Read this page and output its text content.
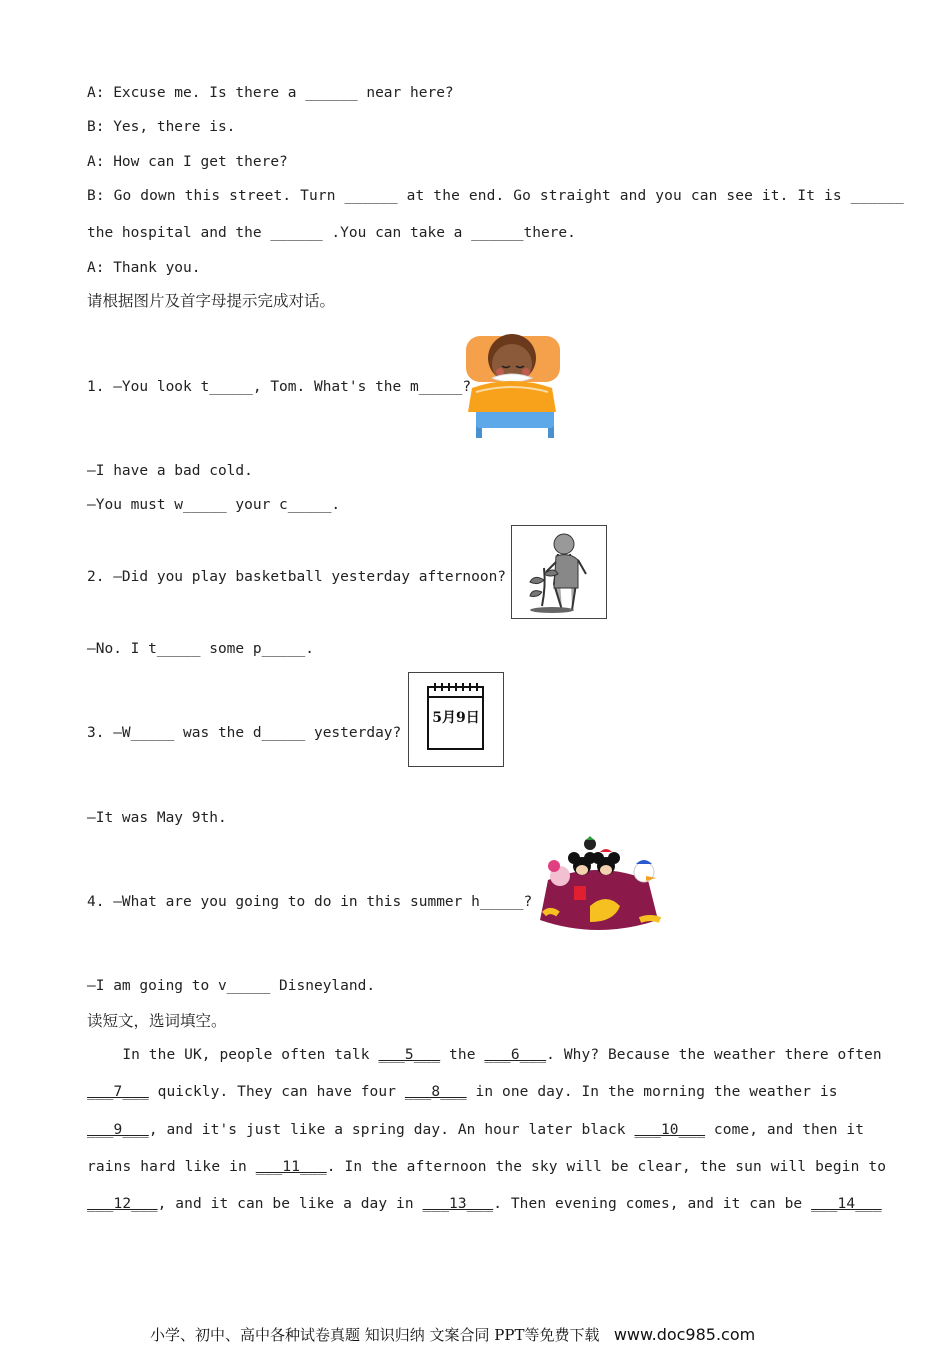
A: Excuse me. Is there a ______ near here?
B: Yes, there is.
A: How can I get there?
B: Go down this street. Turn ______ at the end. Go straight and you can see it. It is ______
the hospital and the ______ .You can take a ______there.
A: Thank you.
请根据图片及首字母提示完成对话。
1. —You look t_____, Tom. What's the m_____?
—I have a bad cold.
—You must w_____ your c_____.
2. —Did you play basketball yesterday afternoon?
—No. I t_____ some p_____.
3. —W_____ was the d_____ yesterday?
5月9日
—It was May 9th.
4. —What are you going to do in this summer h_____?
—I am going to v_____ Disneyland.
读短文，选词填空。
In the UK, people often talk ___5___ the ___6___. Why? Because the weather there often
___7___ quickly. They can have four ___8___ in one day. In the morning the weather is
___9___, and it's just like a spring day. An hour later black ___10___ come, and then it
rains hard like in ___11___. In the afternoon the sky will be clear, the sun will begin to
___12___, and it can be like a day in ___13___. Then evening comes, and it can be ___14___
小学、初中、高中各种试卷真题 知识归纳 文案合同 PPT等免费下载 www.doc985.com
